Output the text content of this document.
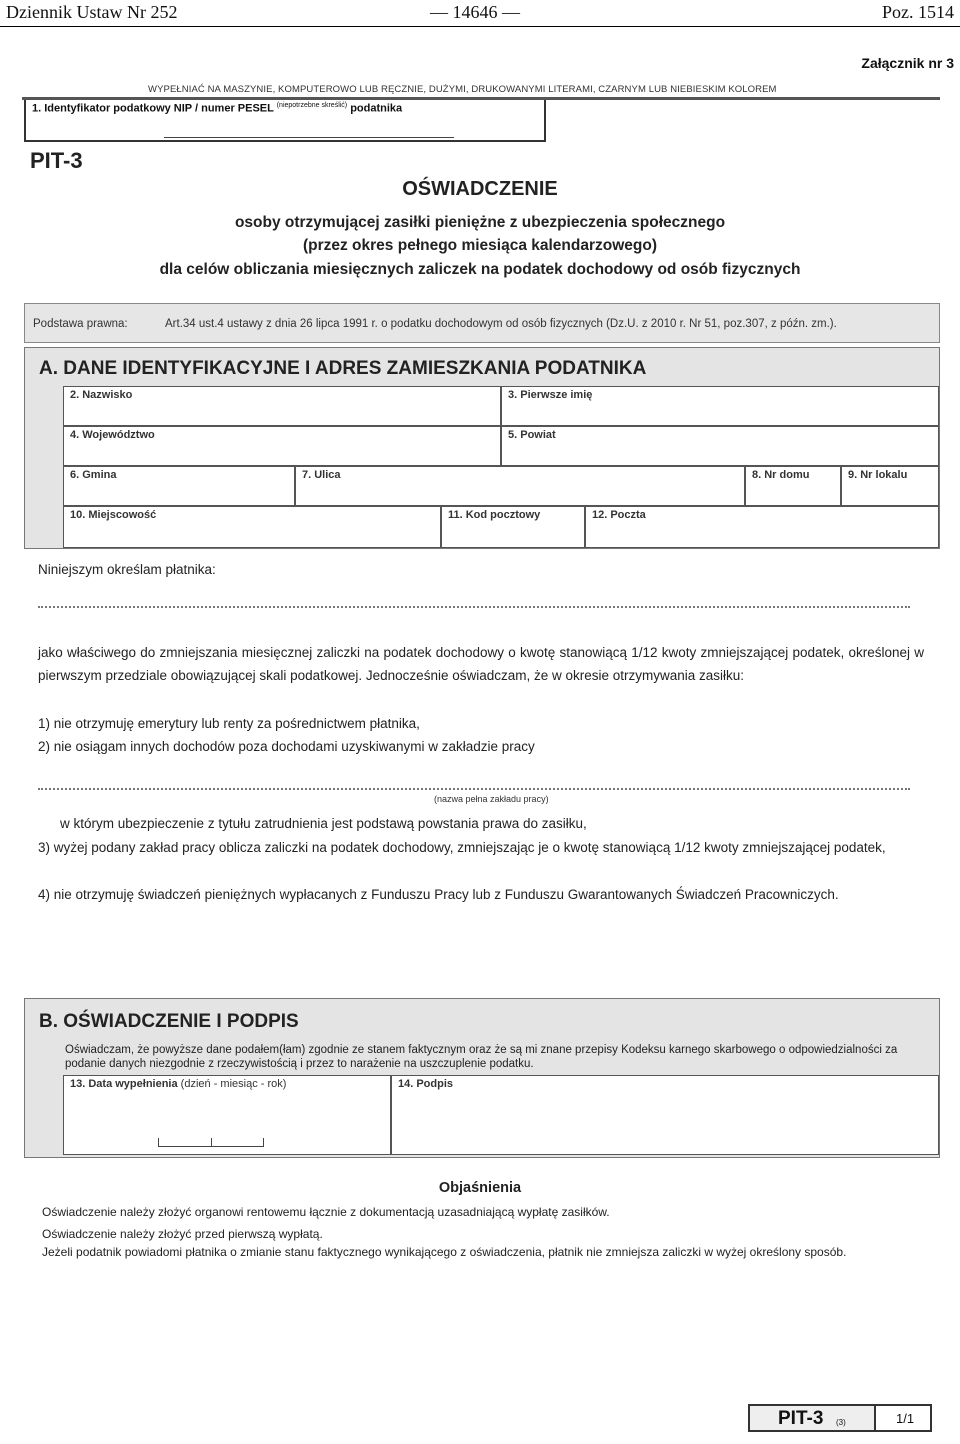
Dziennik Ustaw Nr 252	— 14646 —	Poz. 1514
Załącznik nr 3
WYPEŁNIAĆ NA MASZYNIE, KOMPUTEROWO LUB RĘCZNIE, DUŻYMI, DRUKOWANYMI LITERAMI, CZARNYM LUB NIEBIESKIM KOLOREM
1. Identyfikator podatkowy NIP / numer PESEL $^{(niepotrzebne skreślić)}$ podatnika
PIT-3
OŚWIADCZENIE
osoby otrzymującej zasiłki pieniężne z ubezpieczenia społecznego
(przez okres pełnego miesiąca kalendarzowego)
dla celów obliczania miesięcznych zaliczek na podatek dochodowy od osób fizycznych
Podstawa prawna:	Art.34 ust.4 ustawy z dnia 26 lipca 1991 r. o podatku dochodowym od osób fizycznych (Dz.U. z 2010 r. Nr 51, poz.307, z późn. zm.).
A. DANE IDENTYFIKACYJNE I ADRES ZAMIESZKANIA PODATNIKA
2. Nazwisko	3. Pierwsze imię
4. Województwo	5. Powiat
6. Gmina	7. Ulica	8. Nr domu	9. Nr lokalu
10. Miejscowość	11. Kod pocztowy	12. Poczta
Niniejszym określam płatnika:
jako właściwego do zmniejszania miesięcznej zaliczki na podatek dochodowy o kwotę stanowiącą 1/12 kwoty zmniejszającej podatek, określonej w pierwszym przedziale obowiązującej skali podatkowej. Jednocześnie oświadczam, że w okresie otrzymywania zasiłku:
1) nie otrzymuję emerytury lub renty za pośrednictwem płatnika,
2) nie osiągam innych dochodów poza dochodami uzyskiwanymi w zakładzie pracy
(nazwa pełna zakładu pracy)
w którym ubezpieczenie z tytułu zatrudnienia jest podstawą powstania prawa do zasiłku,
3) wyżej podany zakład pracy oblicza zaliczki na podatek dochodowy, zmniejszając je o kwotę stanowiącą 1/12 kwoty zmniejszającej podatek,
4) nie otrzymuję świadczeń pieniężnych wypłacanych z Funduszu Pracy lub z Funduszu Gwarantowanych Świadczeń Pracowniczych.
B. OŚWIADCZENIE I PODPIS
Oświadczam, że powyższe dane podałem(łam) zgodnie ze stanem faktycznym oraz że są mi znane przepisy Kodeksu karnego skarbowego o odpowiedzialności za podanie danych niezgodnie z rzeczywistością i przez to narażenie na uszczuplenie podatku.
13. Data wypełnienia (dzień - miesiąc - rok)	14. Podpis
Objaśnienia
Oświadczenie należy złożyć organowi rentowemu łącznie z dokumentacją uzasadniającą wypłatę zasiłków.
Oświadczenie należy złożyć przed pierwszą wypłatą.
Jeżeli podatnik powiadomi płatnika o zmianie stanu faktycznego wynikającego z oświadczenia, płatnik nie zmniejsza zaliczki w wyżej określony sposób.
PIT-3 (3)	1/1
